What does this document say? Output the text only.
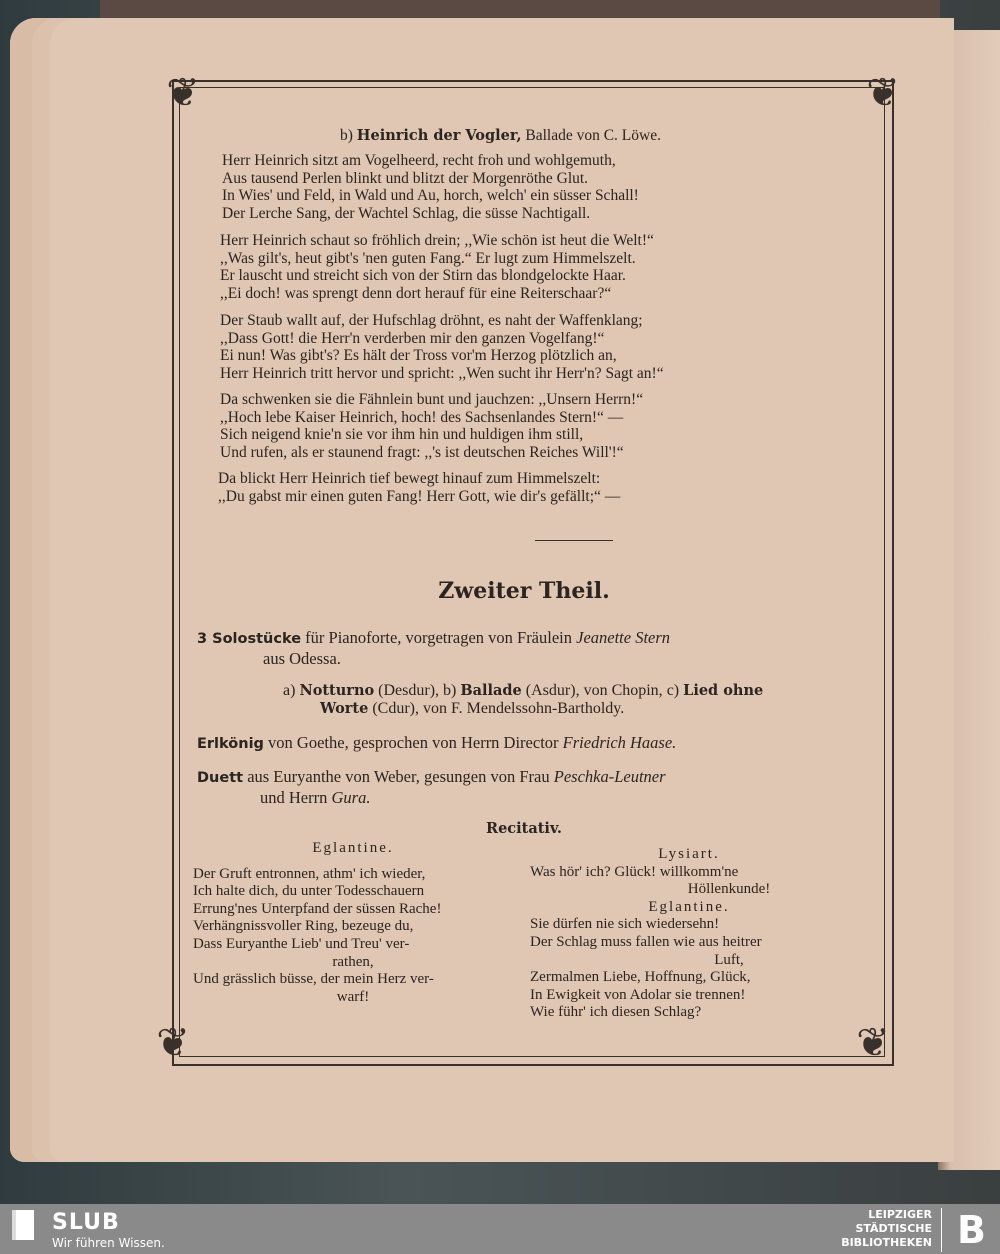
❦	❦
❦	❦
b) Heinrich der Vogler, Ballade von C. Löwe.
Herr Heinrich sitzt am Vogelheerd, recht froh und wohlgemuth,
Aus tausend Perlen blinkt und blitzt der Morgenröthe Glut.
In Wies' und Feld, in Wald und Au, horch, welch' ein süsser Schall!
Der Lerche Sang, der Wachtel Schlag, die süsse Nachtigall.
Herr Heinrich schaut so fröhlich drein; ,,Wie schön ist heut die Welt!“
,,Was gilt's, heut gibt's 'nen guten Fang.“ Er lugt zum Himmelszelt.
Er lauscht und streicht sich von der Stirn das blondgelockte Haar.
,,Ei doch! was sprengt denn dort herauf für eine Reiterschaar?“
Der Staub wallt auf, der Hufschlag dröhnt, es naht der Waffenklang;
,,Dass Gott! die Herr'n verderben mir den ganzen Vogelfang!“
Ei nun! Was gibt's? Es hält der Tross vor'm Herzog plötzlich an,
Herr Heinrich tritt hervor und spricht: ,,Wen sucht ihr Herr'n? Sagt an!“
Da schwenken sie die Fähnlein bunt und jauchzen: ,,Unsern Herrn!“
,,Hoch lebe Kaiser Heinrich, hoch! des Sachsenlandes Stern!“ —
Sich neigend knie'n sie vor ihm hin und huldigen ihm still,
Und rufen, als er staunend fragt: ,,'s ist deutschen Reiches Will'!“
Da blickt Herr Heinrich tief bewegt hinauf zum Himmelszelt:
,,Du gabst mir einen guten Fang! Herr Gott, wie dir's gefällt;“ —
Zweiter Theil.
3 Solostücke für Pianoforte, vorgetragen von Fräulein Jeanette Stern
aus Odessa.
a) Notturno (Desdur), b) Ballade (Asdur), von Chopin, c) Lied ohne
Worte (Cdur), von F. Mendelssohn-Bartholdy.
Erlkönig von Goethe, gesprochen von Herrn Director Friedrich Haase.
Duett aus Euryanthe von Weber, gesungen von Frau Peschka-Leutner
und Herrn Gura.
Recitativ.
Eglantine.
Der Gruft entronnen, athm' ich wieder,
Ich halte dich, du unter Todesschauern
Errung'nes Unterpfand der süssen Rache!
Verhängnissvoller Ring, bezeuge du,
Dass Euryanthe Lieb' und Treu' ver-
rathen,
Und grässlich büsse, der mein Herz ver-
warf!
Lysiart.
Was hör' ich? Glück! willkomm'ne
Höllenkunde!
Eglantine.
Sie dürfen nie sich wiedersehn!
Der Schlag muss fallen wie aus heitrer
Luft,
Zermalmen Liebe, Hoffnung, Glück,
In Ewigkeit von Adolar sie trennen!
Wie führ' ich diesen Schlag?
SLUB
Wir führen Wissen.
LEIPZIGER
STÄDTISCHE
BIBLIOTHEKEN B
